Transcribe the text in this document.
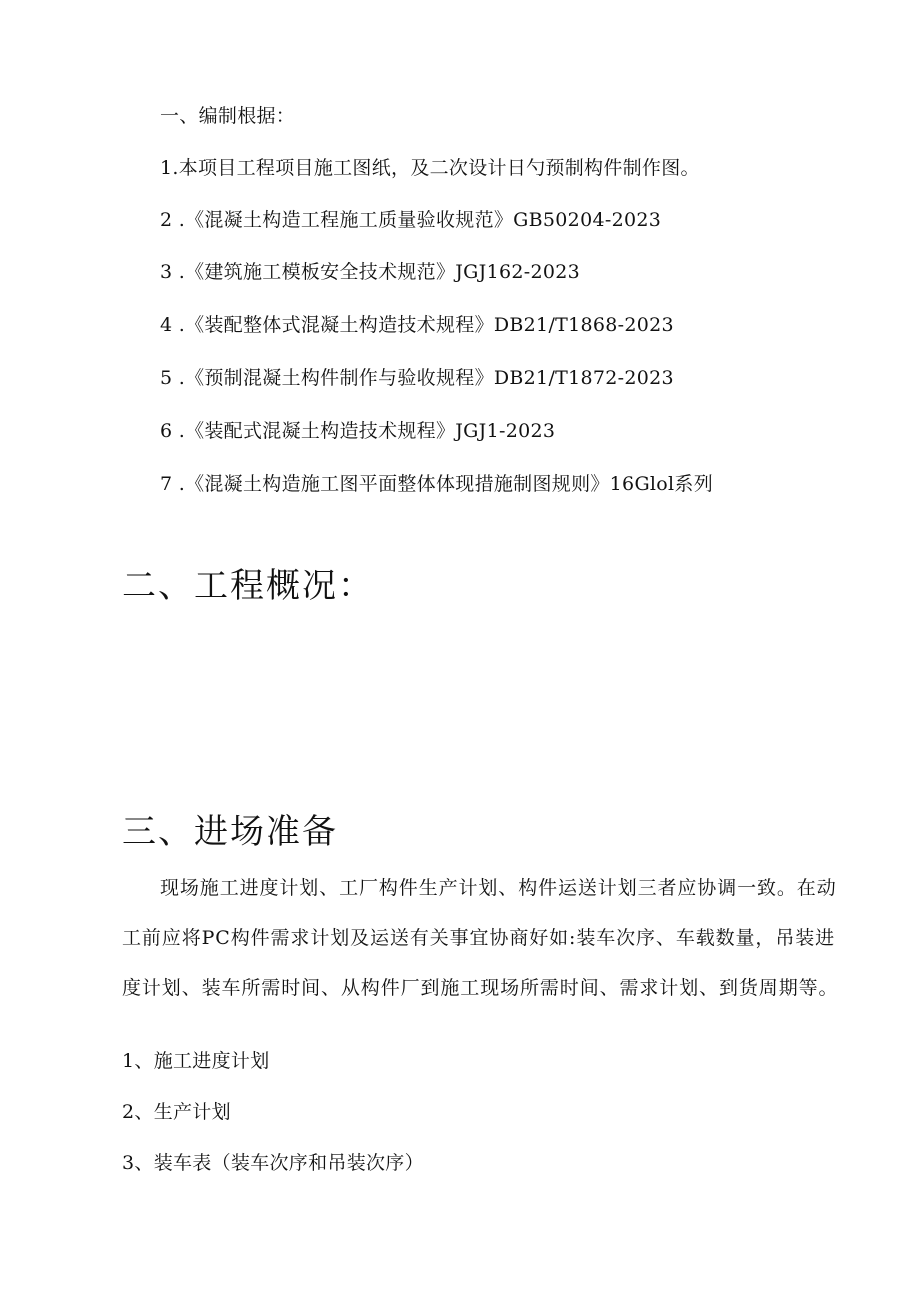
一、编制根据：
1.本项目工程项目施工图纸，及二次设计日勺预制构件制作图。
2 .《混凝土构造工程施工质量验收规范》GB50204-2023
3 .《建筑施工模板安全技术规范》JGJ162-2023
4 .《装配整体式混凝土构造技术规程》DB21/T1868-2023
5 .《预制混凝土构件制作与验收规程》DB21/T1872-2023
6 .《装配式混凝土构造技术规程》JGJ1-2023
7 .《混凝土构造施工图平面整体体现措施制图规则》16Glol系列
二、工程概况：
三、进场准备
现场施工进度计划、工厂构件生产计划、构件运送计划三者应协调一致。在动
工前应将PC构件需求计划及运送有关事宜协商好如:装车次序、车载数量，吊装进
度计划、装车所需时间、从构件厂到施工现场所需时间、需求计划、到货周期等。
1、施工进度计划
2、生产计划
3、装车表（装车次序和吊装次序）
